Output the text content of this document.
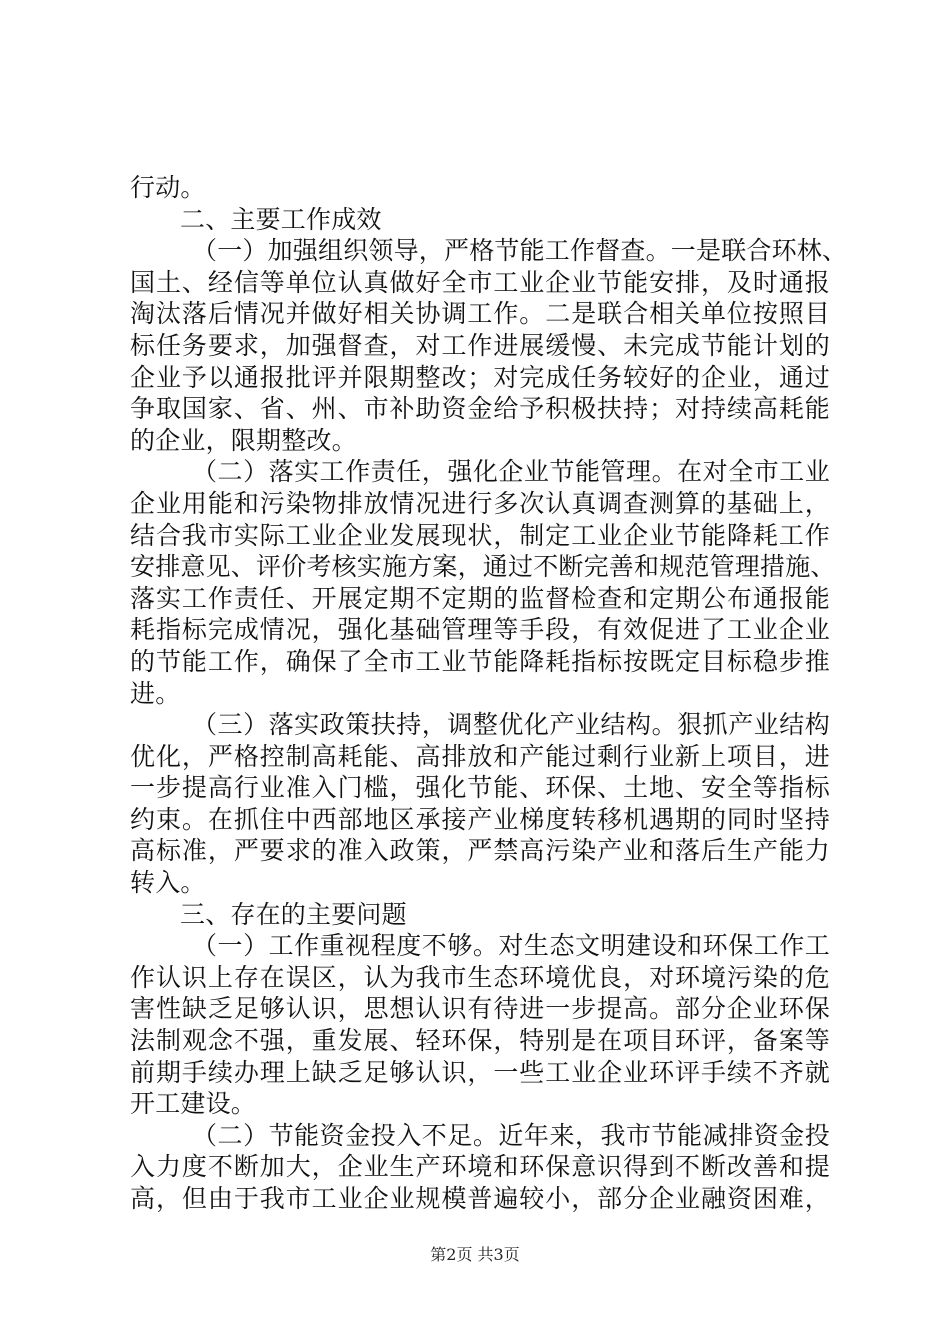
行动。
二、主要工作成效
（一）加强组织领导，严格节能工作督查。一是联合环林、
国土、经信等单位认真做好全市工业企业节能安排，及时通报
淘汰落后情况并做好相关协调工作。二是联合相关单位按照目
标任务要求，加强督查，对工作进展缓慢、未完成节能计划的
企业予以通报批评并限期整改；对完成任务较好的企业，通过
争取国家、省、州、市补助资金给予积极扶持；对持续高耗能
的企业，限期整改。
（二）落实工作责任，强化企业节能管理。在对全市工业
企业用能和污染物排放情况进行多次认真调查测算的基础上，
结合我市实际工业企业发展现状，制定工业企业节能降耗工作
安排意见、评价考核实施方案，通过不断完善和规范管理措施、
落实工作责任、开展定期不定期的监督检查和定期公布通报能
耗指标完成情况，强化基础管理等手段，有效促进了工业企业
的节能工作，确保了全市工业节能降耗指标按既定目标稳步推
进。
（三）落实政策扶持，调整优化产业结构。狠抓产业结构
优化，严格控制高耗能、高排放和产能过剩行业新上项目，进
一步提高行业准入门槛，强化节能、环保、土地、安全等指标
约束。在抓住中西部地区承接产业梯度转移机遇期的同时坚持
高标准，严要求的准入政策，严禁高污染产业和落后生产能力
转入。
三、存在的主要问题
（一）工作重视程度不够。对生态文明建设和环保工作工
作认识上存在误区，认为我市生态环境优良，对环境污染的危
害性缺乏足够认识，思想认识有待进一步提高。部分企业环保
法制观念不强，重发展、轻环保，特别是在项目环评，备案等
前期手续办理上缺乏足够认识，一些工业企业环评手续不齐就
开工建设。
（二）节能资金投入不足。近年来，我市节能减排资金投
入力度不断加大，企业生产环境和环保意识得到不断改善和提
高，但由于我市工业企业规模普遍较小，部分企业融资困难，
第2页 共3页
